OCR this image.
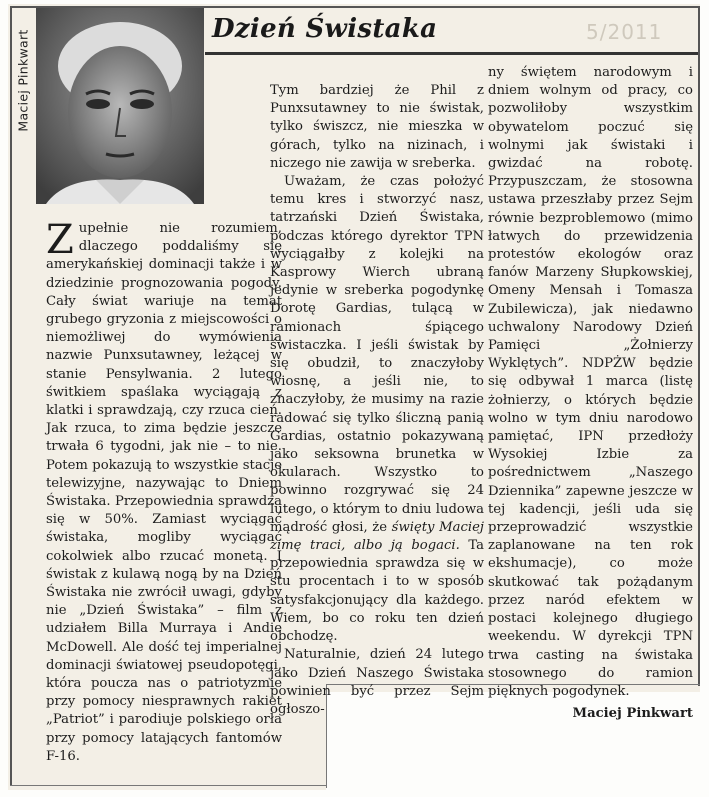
5/2011
Maciej Pinkwart	Dzień Świstaka

Zupełnie nie rozumiem, dlaczego poddaliśmy się amerykańskiej dominacji także i w dziedzinie prognozowania pogody. Cały świat wariuje na temat grubego gryzonia z miejscowości o niemożliwej do wymówienia nazwie Punxsutawney, leżącej w stanie Pensylwania. 2 lutego świtkiem spaślaka wyciągają z klatki i sprawdzają, czy rzuca cień. Jak rzuca, to zima będzie jeszcze trwała 6 tygodni, jak nie – to nie. Potem pokazują to wszystkie stacje telewizyjne, nazywając to Dniem Świstaka. Przepowiednia sprawdza się w 50%. Zamiast wyciągać świstaka, mogliby wyciągać cokolwiek albo rzucać monetą. I świstak z kulawą nogą by na Dzień Świstaka nie zwrócił uwagi, gdyby nie „Dzień Świstaka” – film z udziałem Billa Murraya i Andie McDowell. Ale dość tej imperialnej dominacji światowej pseudopotęgi, która poucza nas o patriotyzmie przy pomocy niesprawnych rakiet „Patriot” i parodiuje polskiego orła przy pomocy latających fantomów F-16.

Tym bardziej że Phil z Punxsutawney to nie świstak, tylko świszcz, nie mieszka w górach, tylko na nizinach, i niczego nie zawija w sreberka.

Uważam, że czas położyć temu kres i stworzyć nasz, tatrzański Dzień Świstaka, podczas którego dyrektor TPN wyciągałby z kolejki na Kasprowy Wierch ubraną jedynie w sreberka pogodynkę Dorotę Gardias, tulącą w ramionach śpiącego świstaczka. I jeśli świstak by się obudził, to znaczyłoby wiosnę, a jeśli nie, to znaczyłoby, że musimy na razie radować się tylko śliczną panią Gardias, ostatnio pokazywaną jako seksowna brunetka w okularach. Wszystko to powinno rozgrywać się 24 lutego, o którym to dniu ludowa mądrość głosi, że święty Maciej zimę traci, albo ją bogaci. Ta przepowiednia sprawdza się w stu procentach i to w sposób satysfakcjonujący dla każdego. Wiem, bo co roku ten dzień obchodzę.

Naturalnie, dzień 24 lutego jako Dzień Naszego Świstaka powinien być przez Sejm ogłoszo-

ny świętem narodowym i dniem wolnym od pracy, co pozwoliłoby wszystkim obywatelom poczuć się wolnymi jak świstaki i gwizdać na robotę. Przypuszczam, że stosowna ustawa przeszłaby przez Sejm równie bezproblemowo (mimo łatwych do przewidzenia protestów ekologów oraz fanów Marzeny Słupkowskiej, Omeny Mensah i Tomasza Zubilewicza), jak niedawno uchwalony Narodowy Dzień Pamięci „Żołnierzy Wyklętych”. NDPŻW będzie się odbywał 1 marca (listę żołnierzy, o których będzie wolno w tym dniu narodowo pamiętać, IPN przedłoży Wysokiej Izbie za pośrednictwem „Naszego Dziennika” zapewne jeszcze w tej kadencji, jeśli uda się przeprowadzić wszystkie zaplanowane na ten rok ekshumacje), co może skutkować tak pożądanym przez naród efektem w postaci kolejnego długiego weekendu. W dyrekcji TPN trwa casting na świstaka stosownego do ramion pięknych pogodynek.

Maciej Pinkwart
